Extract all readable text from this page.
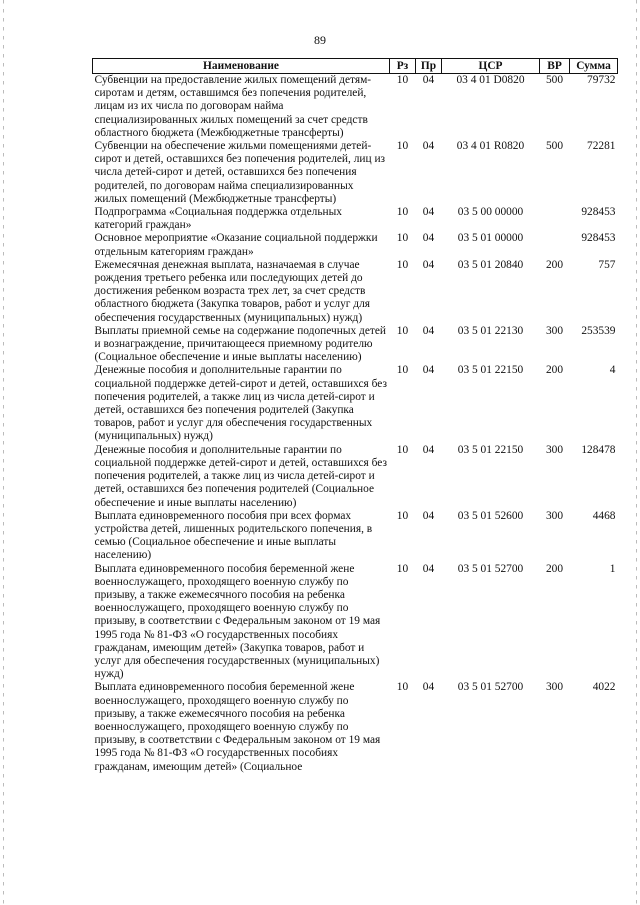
89
Наименование	Рз	Пр	ЦСР	ВР	Сумма
Субвенции на предоставление жилых помещений детям-сиротам и детям, оставшимся без попечения родителей, лицам из их числа по договорам найма специализированных жилых помещений за счет средств областного бюджета (Межбюджетные трансферты)	10	04	03 4 01 D0820	500	79732
Субвенции на обеспечение жильми помещениями детей-сирот и детей, оставшихся без попечения родителей, лиц из числа детей-сирот и детей, оставшихся без попечения родителей, по договорам найма специализированных жилых помещений (Межбюджетные трансферты)	10	04	03 4 01 R0820	500	72281
Подпрограмма «Социальная поддержка отдельных категорий граждан»	10	04	03 5 00 00000		928453
Основное мероприятие «Оказание социальной поддержки отдельным категориям граждан»	10	04	03 5 01 00000		928453
Ежемесячная денежная выплата, назначаемая в случае рождения третьего ребенка или последующих детей до достижения ребенком возраста трех лет, за счет средств областного бюджета (Закупка товаров, работ и услуг для обеспечения государственных (муниципальных) нужд)	10	04	03 5 01 20840	200	757
Выплаты приемной семье на содержание подопечных детей и вознаграждение, причитающееся приемному родителю (Социальное обеспечение и иные выплаты населению)	10	04	03 5 01 22130	300	253539
Денежные пособия и дополнительные гарантии по социальной поддержке детей-сирот и детей, оставшихся без попечения родителей, а также лиц из числа детей-сирот и детей, оставшихся без попечения родителей (Закупка товаров, работ и услуг для обеспечения государственных (муниципальных) нужд)	10	04	03 5 01 22150	200	4
Денежные пособия и дополнительные гарантии по социальной поддержке детей-сирот и детей, оставшихся без попечения родителей, а также лиц из числа детей-сирот и детей, оставшихся без попечения родителей (Социальное обеспечение и иные выплаты населению)	10	04	03 5 01 22150	300	128478
Выплата единовременного пособия при всех формах устройства детей, лишенных родительского попечения, в семью (Социальное обеспечение и иные выплаты населению)	10	04	03 5 01 52600	300	4468
Выплата единовременного пособия беременной жене военнослужащего, проходящего военную службу по призыву, а также ежемесячного пособия на ребенка военнослужащего, проходящего военную службу по призыву, в соответствии с Федеральным законом от 19 мая 1995 года № 81-ФЗ «О государственных пособиях гражданам, имеющим детей» (Закупка товаров, работ и услуг для обеспечения государственных (муниципальных) нужд)	10	04	03 5 01 52700	200	1
Выплата единовременного пособия беременной жене военнослужащего, проходящего военную службу по призыву, а также ежемесячного пособия на ребенка военнослужащего, проходящего военную службу по призыву, в соответствии с Федеральным законом от 19 мая 1995 года № 81-ФЗ «О государственных пособиях гражданам, имеющим детей» (Социальное	10	04	03 5 01 52700	300	4022
